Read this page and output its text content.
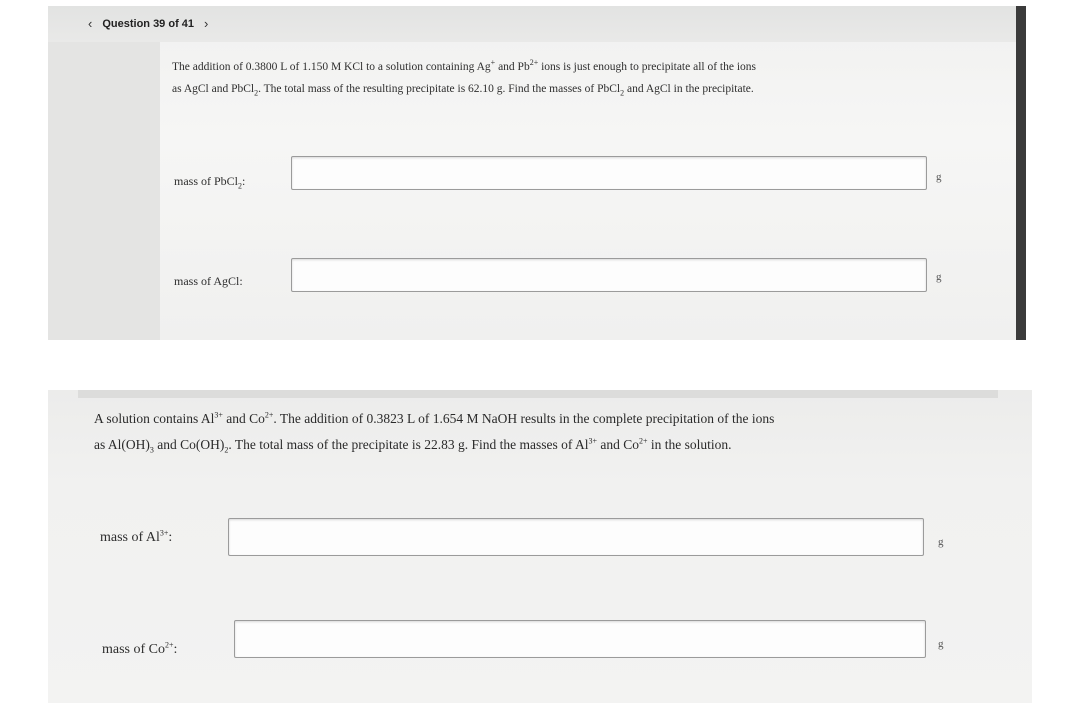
‹ Question 39 of 41 ›
The addition of 0.3800 L of 1.150 M KCl to a solution containing Ag+ and $Pb^{2+}$ ions is just enough to precipitate all of the ions
as AgCl and PbCl$_2$. The total mass of the resulting precipitate is 62.10 g. Find the masses of PbCl$_2$ and AgCl in the precipitate.
mass of PbCl$_2$:	g
mass of AgCl:	g
A solution contains $Al^{3+}$ and $Co^{2+}$. The addition of 0.3823 L of 1.654 M NaOH results in the complete precipitation of the ions
as $Al(OH)_3$ and $Co(OH)_2$. The total mass of the precipitate is 22.83 g. Find the masses of $Al^{3+}$ and $Co^{2+}$ in the solution.
mass of $Al^{3+}$:	g
mass of $Co^{2+}$:	g
